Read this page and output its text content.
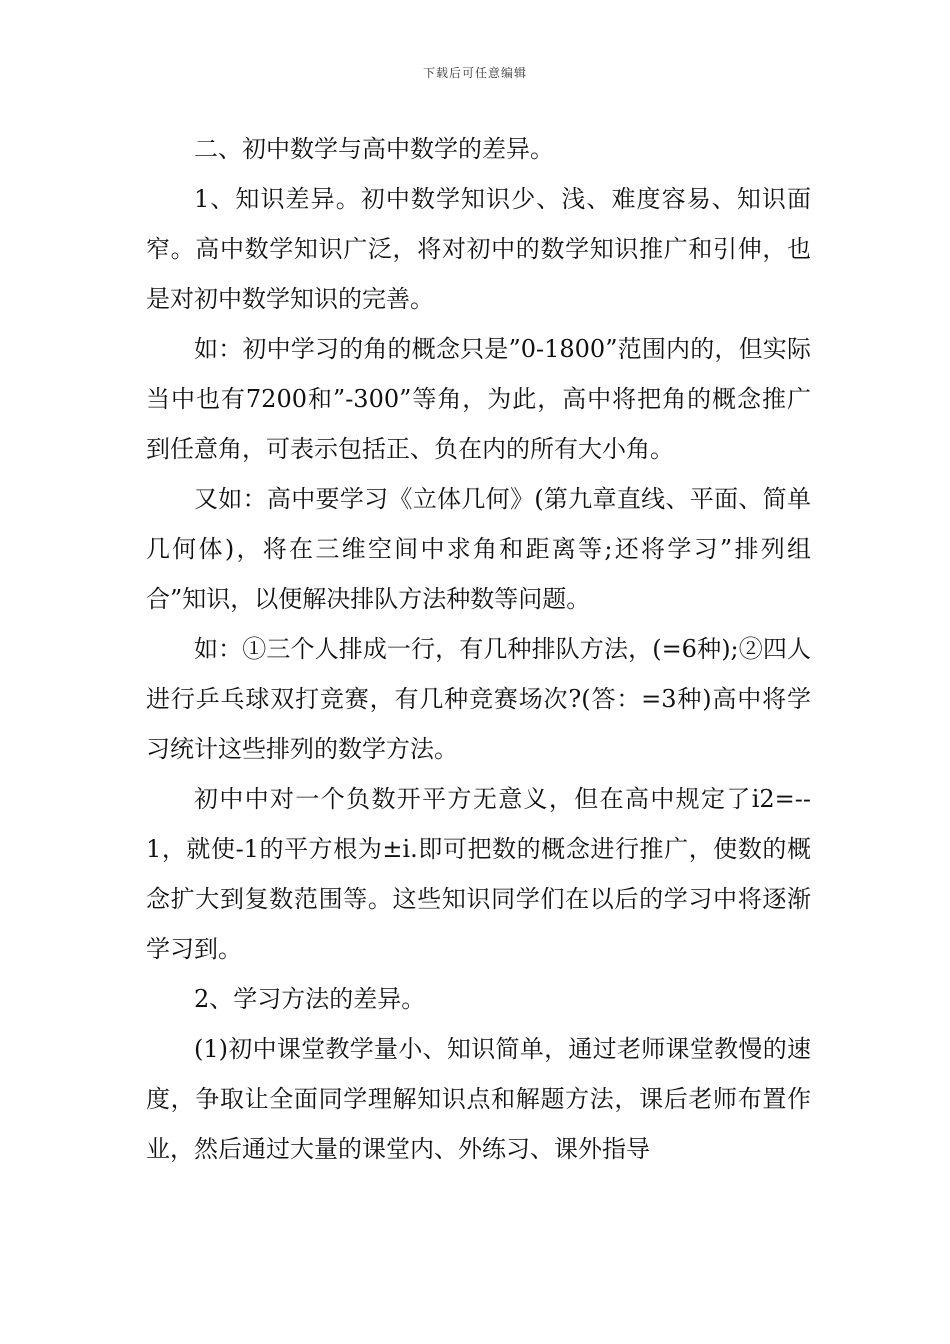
下载后可任意编辑

二、初中数学与高中数学的差异。

1、知识差异。初中数学知识少、浅、难度容易、知识面窄。高中数学知识广泛，将对初中的数学知识推广和引伸，也是对初中数学知识的完善。

如：初中学习的角的概念只是”0-1800”范围内的，但实际当中也有7200和”-300”等角，为此，高中将把角的概念推广到任意角，可表示包括正、负在内的所有大小角。

又如：高中要学习《立体几何》(第九章直线、平面、简单几何体)，将在三维空间中求角和距离等;还将学习”排列组合”知识，以便解决排队方法种数等问题。

如：①三个人排成一行，有几种排队方法，(=6种);②四人进行乒乓球双打竞赛，有几种竞赛场次?(答：=3种)高中将学习统计这些排列的数学方法。

初中中对一个负数开平方无意义，但在高中规定了i2=--1，就使-1的平方根为±i.即可把数的概念进行推广，使数的概念扩大到复数范围等。这些知识同学们在以后的学习中将逐渐学习到。

2、学习方法的差异。

(1)初中课堂教学量小、知识简单，通过老师课堂教慢的速度，争取让全面同学理解知识点和解题方法，课后老师布置作业，然后通过大量的课堂内、外练习、课外指导
